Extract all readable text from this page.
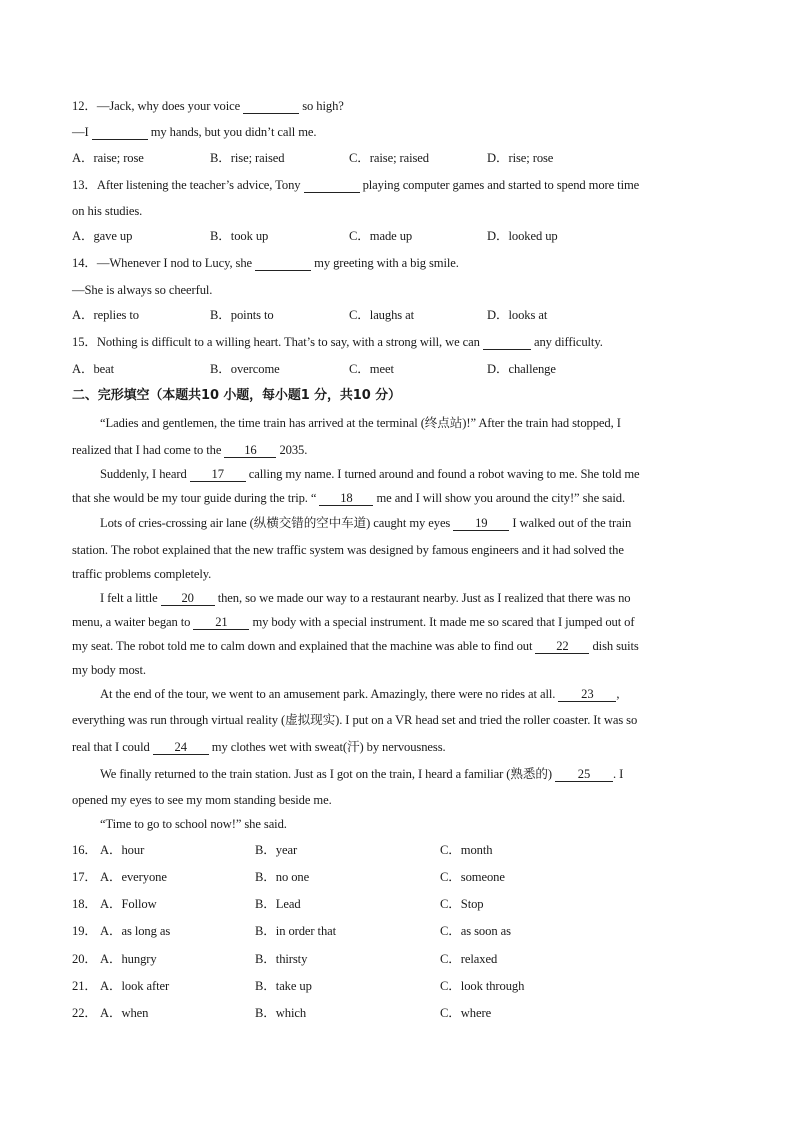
12．—Jack, why does your voice	so high?
—I	my hands, but you didn’t call me.
A．raise; rose	B．rise; raised	C．raise; raised	D．rise; rose
13．After listening the teacher’s advice, Tony	playing computer games and started to spend more time
on his studies.
A．gave up	B．took up	C．made up	D．looked up
14．—Whenever I nod to Lucy, she	my greeting with a big smile.
—She is always so cheerful.
A．replies to	B．points to	C．laughs at	D．looks at
15．Nothing is difficult to a willing heart. That’s to say, with a strong will, we can	any difficulty.
A．beat	B．overcome	C．meet	D．challenge
二、完形填空（本题共10 小题，每小题1 分，共10 分）
“Ladies and gentlemen, the time train has arrived at the terminal (终点站)!” After the train had stopped, I
realized that I had come to the 16 2035.
Suddenly, I heard 17 calling my name. I turned around and found a robot waving to me. She told me
that she would be my tour guide during the trip. “ 18 me and I will show you around the city!” she said.
Lots of cries-crossing air lane (纵横交错的空中车道) caught my eyes 19 I walked out of the train
station. The robot explained that the new traffic system was designed by famous engineers and it had solved the
traffic problems completely.
I felt a little 20 then, so we made our way to a restaurant nearby. Just as I realized that there was no
menu, a waiter began to 21 my body with a special instrument. It made me so scared that I jumped out of
my seat. The robot told me to calm down and explained that the machine was able to find out 22 dish suits
my body most.
At the end of the tour, we went to an amusement park. Amazingly, there were no rides at all. 23 ,
everything was run through virtual reality (虚拟现实). I put on a VR head set and tried the roller coaster. It was so
real that I could 24 my clothes wet with sweat(汗) by nervousness.
We finally returned to the train station. Just as I got on the train, I heard a familiar (熟悉的) 25 . I
opened my eyes to see my mom standing beside me.
“Time to go to school now!” she said.
16． A．hour	B．year	C．month
17． A．everyone	B．no one	C．someone
18． A．Follow	B．Lead	C．Stop
19． A．as long as	B．in order that	C．as soon as
20． A．hungry	B．thirsty	C．relaxed
21． A．look after	B．take up	C．look through
22． A．when	B．which	C．where
